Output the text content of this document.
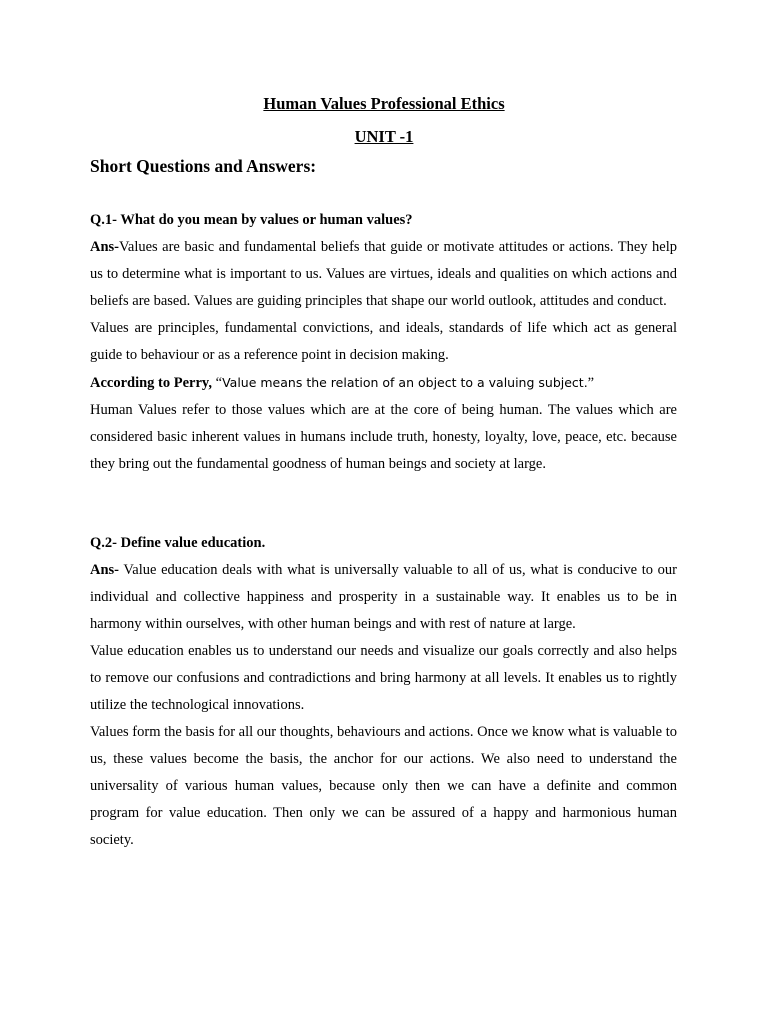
Human Values Professional Ethics
UNIT -1
Short Questions and Answers:
Q.1- What do you mean by values or human values?
Ans-Values are basic and fundamental beliefs that guide or motivate attitudes or actions. They help us to determine what is important to us. Values are virtues, ideals and qualities on which actions and beliefs are based. Values are guiding principles that shape our world outlook, attitudes and conduct.
Values are principles, fundamental convictions, and ideals, standards of life which act as general guide to behaviour or as a reference point in decision making.
According to Perry, “Value means the relation of an object to a valuing subject.”
Human Values refer to those values which are at the core of being human. The values which are considered basic inherent values in humans include truth, honesty, loyalty, love, peace, etc. because they bring out the fundamental goodness of human beings and society at large.
Q.2- Define value education.
Ans- Value education deals with what is universally valuable to all of us, what is conducive to our individual and collective happiness and prosperity in a sustainable way. It enables us to be in harmony within ourselves, with other human beings and with rest of nature at large.
Value education enables us to understand our needs and visualize our goals correctly and also helps to remove our confusions and contradictions and bring harmony at all levels. It enables us to rightly utilize the technological innovations.
Values form the basis for all our thoughts, behaviours and actions. Once we know what is valuable to us, these values become the basis, the anchor for our actions. We also need to understand the universality of various human values, because only then we can have a definite and common program for value education. Then only we can be assured of a happy and harmonious human society.
